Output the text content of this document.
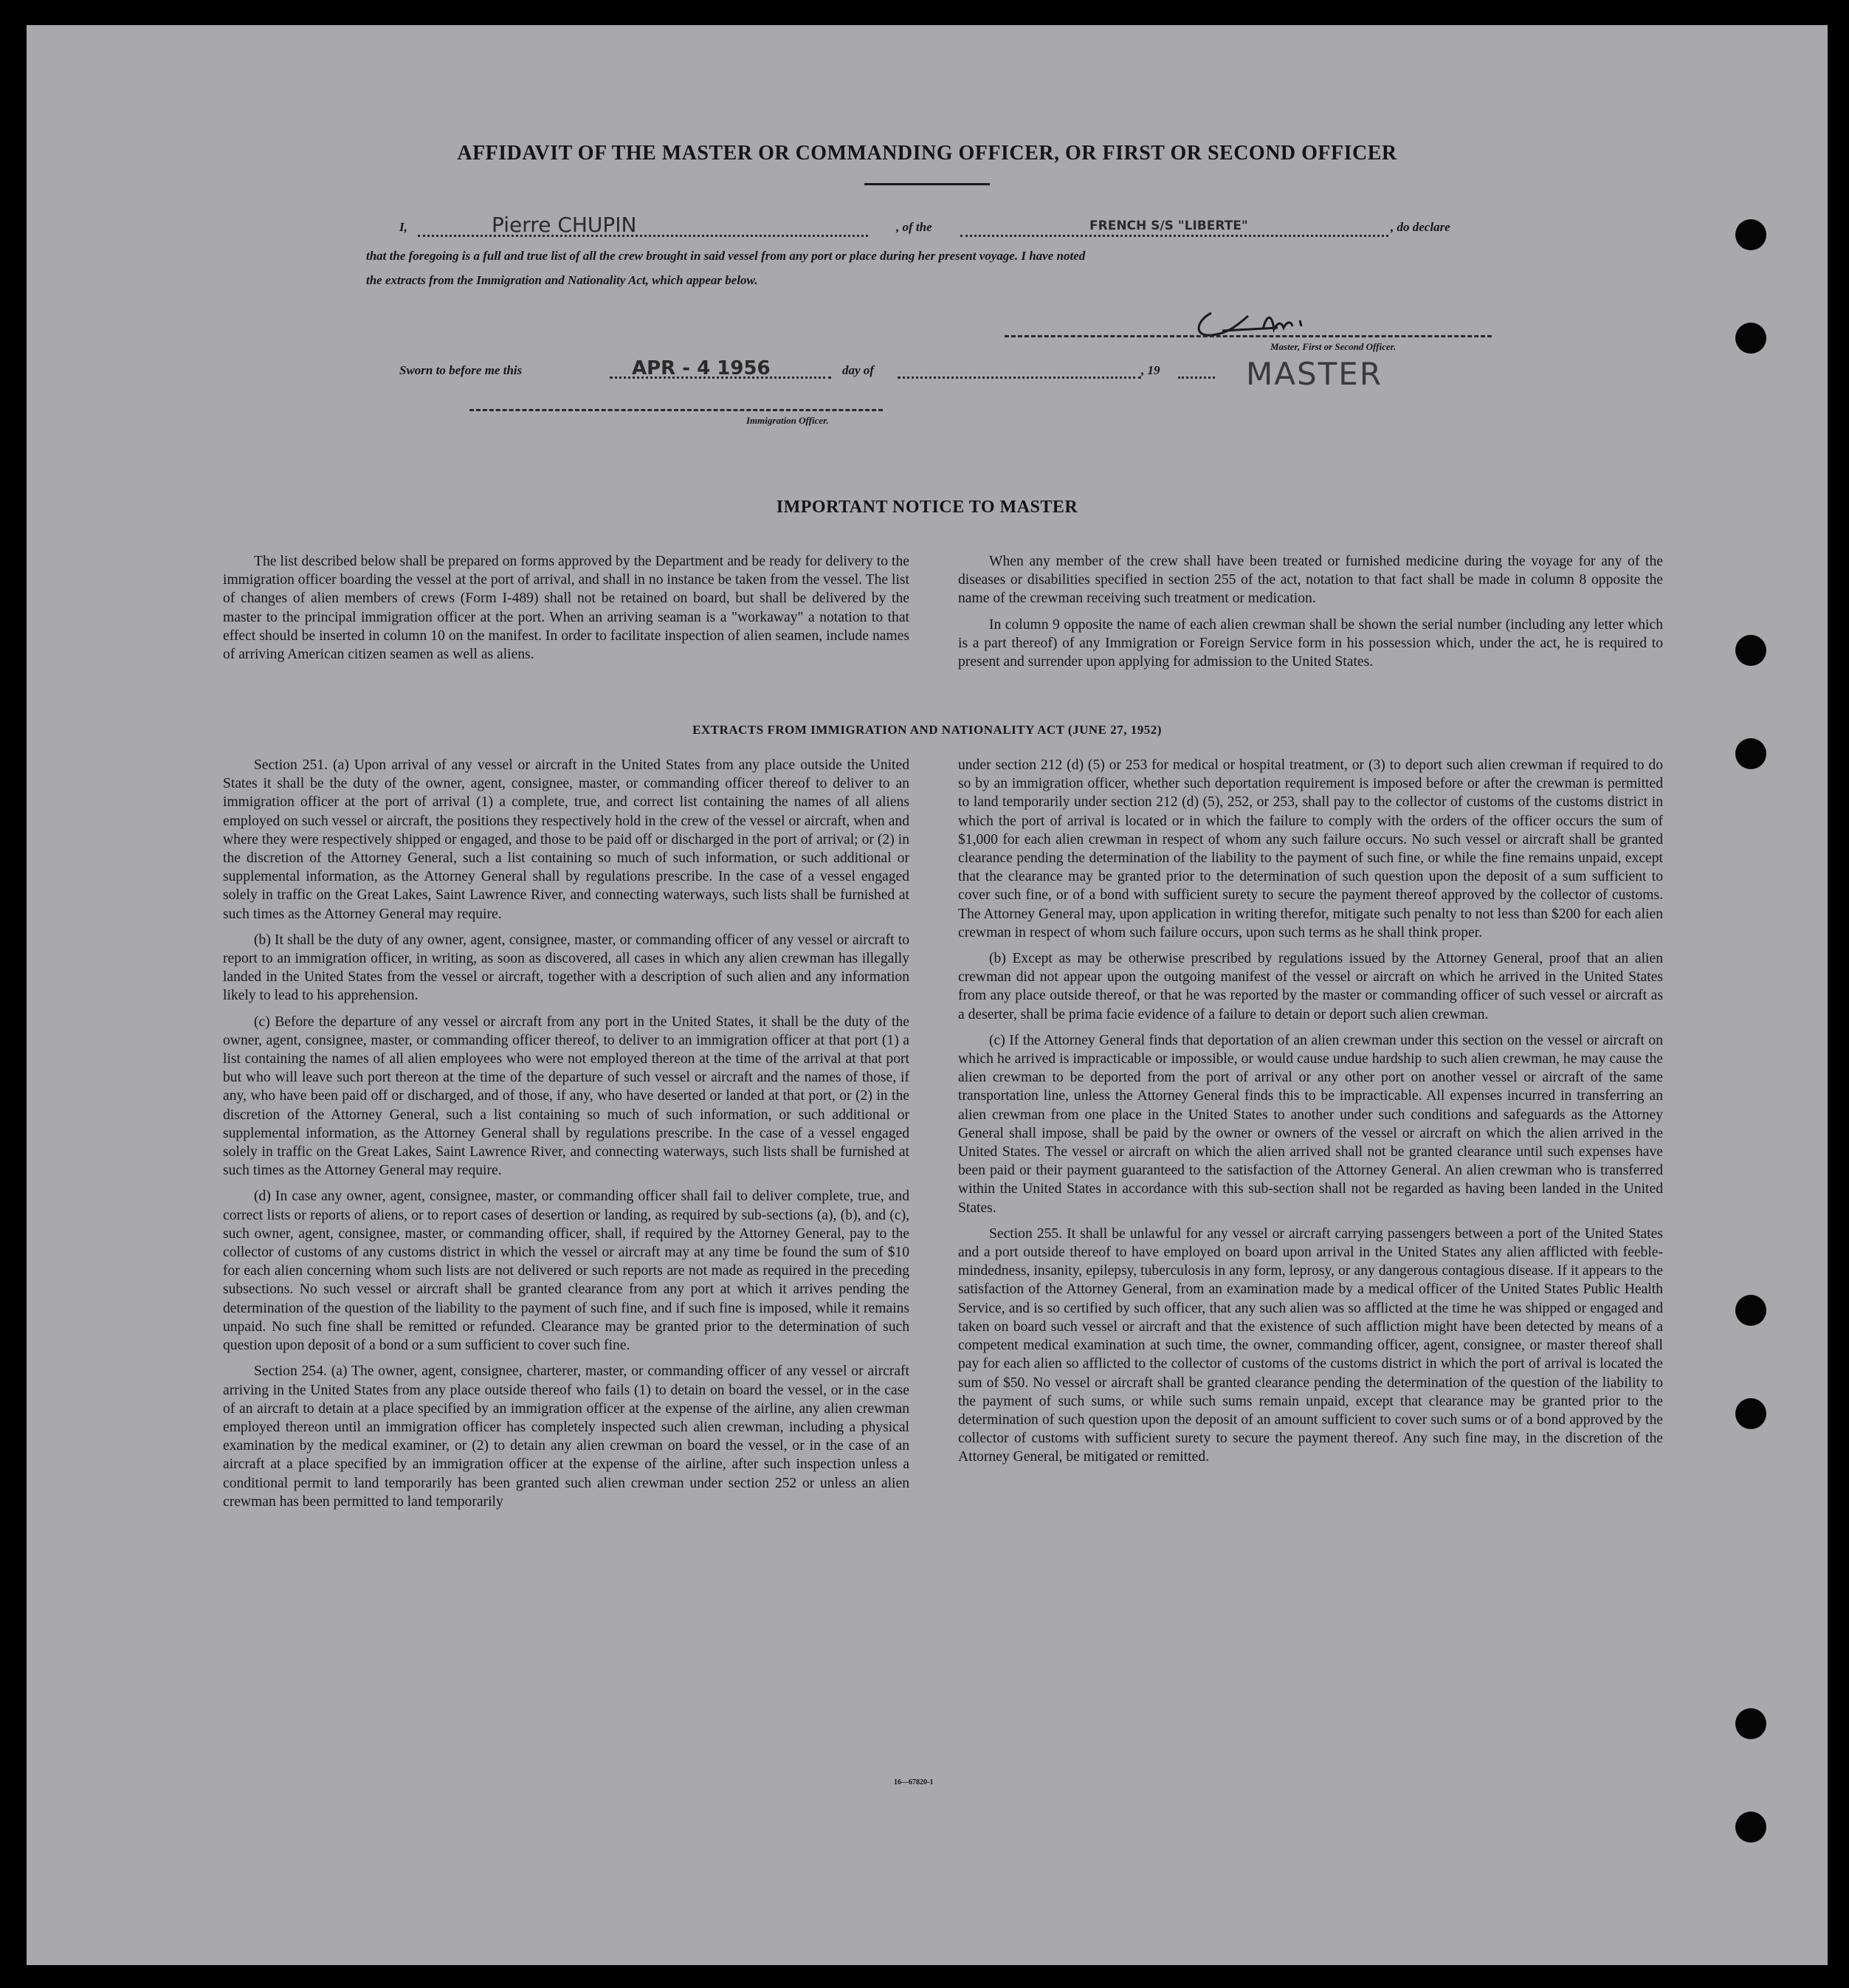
AFFIDAVIT OF THE MASTER OR COMMANDING OFFICER, OR FIRST OR SECOND OFFICER
I,	Pierre CHUPIN	, of the	FRENCH S/S "LIBERTE"	, do declare
that the foregoing is a full and true list of all the crew brought in said vessel from any port or place during her present voyage. I have noted
the extracts from the Immigration and Nationality Act, which appear below.
Master, First or Second Officer.
MASTER
Sworn to before me this	APR - 4 1956	day of	, 19
Immigration Officer.
IMPORTANT NOTICE TO MASTER

The list described below shall be prepared on forms approved by the Department and be ready for delivery to the immigration officer boarding the vessel at the port of arrival, and shall in no instance be taken from the vessel. The list of changes of alien members of crews (Form I-489) shall not be retained on board, but shall be delivered by the master to the principal immigration officer at the port. When an arriving seaman is a "workaway" a notation to that effect should be inserted in column 10 on the manifest. In order to facilitate inspection of alien seamen, include names of arriving American citizen seamen as well as aliens.

When any member of the crew shall have been treated or furnished medicine during the voyage for any of the diseases or disabilities specified in section 255 of the act, notation to that fact shall be made in column 8 opposite the name of the crewman receiving such treatment or medication.

In column 9 opposite the name of each alien crewman shall be shown the serial number (including any letter which is a part thereof) of any Immigration or Foreign Service form in his possession which, under the act, he is required to present and surrender upon applying for admission to the United States.

EXTRACTS FROM IMMIGRATION AND NATIONALITY ACT (JUNE 27, 1952)

Section 251. (a) Upon arrival of any vessel or aircraft in the United States from any place outside the United States it shall be the duty of the owner, agent, consignee, master, or commanding officer thereof to deliver to an immigration officer at the port of arrival (1) a complete, true, and correct list containing the names of all aliens employed on such vessel or aircraft, the positions they respectively hold in the crew of the vessel or aircraft, when and where they were respectively shipped or engaged, and those to be paid off or discharged in the port of arrival; or (2) in the discretion of the Attorney General, such a list containing so much of such information, or such additional or supplemental information, as the Attorney General shall by regulations prescribe. In the case of a vessel engaged solely in traffic on the Great Lakes, Saint Lawrence River, and connecting waterways, such lists shall be furnished at such times as the Attorney General may require.

(b) It shall be the duty of any owner, agent, consignee, master, or commanding officer of any vessel or aircraft to report to an immigration officer, in writing, as soon as discovered, all cases in which any alien crewman has illegally landed in the United States from the vessel or aircraft, together with a description of such alien and any information likely to lead to his apprehension.

(c) Before the departure of any vessel or aircraft from any port in the United States, it shall be the duty of the owner, agent, consignee, master, or commanding officer thereof, to deliver to an immigration officer at that port (1) a list containing the names of all alien employees who were not employed thereon at the time of the arrival at that port but who will leave such port thereon at the time of the departure of such vessel or aircraft and the names of those, if any, who have been paid off or discharged, and of those, if any, who have deserted or landed at that port, or (2) in the discretion of the Attorney General, such a list containing so much of such information, or such additional or supplemental information, as the Attorney General shall by regulations prescribe. In the case of a vessel engaged solely in traffic on the Great Lakes, Saint Lawrence River, and connecting waterways, such lists shall be furnished at such times as the Attorney General may require.

(d) In case any owner, agent, consignee, master, or commanding officer shall fail to deliver complete, true, and correct lists or reports of aliens, or to report cases of desertion or landing, as required by sub-sections (a), (b), and (c), such owner, agent, consignee, master, or commanding officer, shall, if required by the Attorney General, pay to the collector of customs of any customs district in which the vessel or aircraft may at any time be found the sum of $10 for each alien concerning whom such lists are not delivered or such reports are not made as required in the preceding subsections. No such vessel or aircraft shall be granted clearance from any port at which it arrives pending the determination of the question of the liability to the payment of such fine, and if such fine is imposed, while it remains unpaid. No such fine shall be remitted or refunded. Clearance may be granted prior to the determination of such question upon deposit of a bond or a sum sufficient to cover such fine.

Section 254. (a) The owner, agent, consignee, charterer, master, or commanding officer of any vessel or aircraft arriving in the United States from any place outside thereof who fails (1) to detain on board the vessel, or in the case of an aircraft to detain at a place specified by an immigration officer at the expense of the airline, any alien crewman employed thereon until an immigration officer has completely inspected such alien crewman, including a physical examination by the medical examiner, or (2) to detain any alien crewman on board the vessel, or in the case of an aircraft at a place specified by an immigration officer at the expense of the airline, after such inspection unless a conditional permit to land temporarily has been granted such alien crewman under section 252 or unless an alien crewman has been permitted to land temporarily

under section 212 (d) (5) or 253 for medical or hospital treatment, or (3) to deport such alien crewman if required to do so by an immigration officer, whether such deportation requirement is imposed before or after the crewman is permitted to land temporarily under section 212 (d) (5), 252, or 253, shall pay to the collector of customs of the customs district in which the port of arrival is located or in which the failure to comply with the orders of the officer occurs the sum of $1,000 for each alien crewman in respect of whom any such failure occurs. No such vessel or aircraft shall be granted clearance pending the determination of the liability to the payment of such fine, or while the fine remains unpaid, except that the clearance may be granted prior to the determination of such question upon the deposit of a sum sufficient to cover such fine, or of a bond with sufficient surety to secure the payment thereof approved by the collector of customs. The Attorney General may, upon application in writing therefor, mitigate such penalty to not less than $200 for each alien crewman in respect of whom such failure occurs, upon such terms as he shall think proper.

(b) Except as may be otherwise prescribed by regulations issued by the Attorney General, proof that an alien crewman did not appear upon the outgoing manifest of the vessel or aircraft on which he arrived in the United States from any place outside thereof, or that he was reported by the master or commanding officer of such vessel or aircraft as a deserter, shall be prima facie evidence of a failure to detain or deport such alien crewman.

(c) If the Attorney General finds that deportation of an alien crewman under this section on the vessel or aircraft on which he arrived is impracticable or impossible, or would cause undue hardship to such alien crewman, he may cause the alien crewman to be deported from the port of arrival or any other port on another vessel or aircraft of the same transportation line, unless the Attorney General finds this to be impracticable. All expenses incurred in transferring an alien crewman from one place in the United States to another under such conditions and safeguards as the Attorney General shall impose, shall be paid by the owner or owners of the vessel or aircraft on which the alien arrived in the United States. The vessel or aircraft on which the alien arrived shall not be granted clearance until such expenses have been paid or their payment guaranteed to the satisfaction of the Attorney General. An alien crewman who is transferred within the United States in accordance with this sub-section shall not be regarded as having been landed in the United States.

Section 255. It shall be unlawful for any vessel or aircraft carrying passengers between a port of the United States and a port outside thereof to have employed on board upon arrival in the United States any alien afflicted with feeble-mindedness, insanity, epilepsy, tuberculosis in any form, leprosy, or any dangerous contagious disease. If it appears to the satisfaction of the Attorney General, from an examination made by a medical officer of the United States Public Health Service, and is so certified by such officer, that any such alien was so afflicted at the time he was shipped or engaged and taken on board such vessel or aircraft and that the existence of such affliction might have been detected by means of a competent medical examination at such time, the owner, commanding officer, agent, consignee, or master thereof shall pay for each alien so afflicted to the collector of customs of the customs district in which the port of arrival is located the sum of $50. No vessel or aircraft shall be granted clearance pending the determination of the question of the liability to the payment of such sums, or while such sums remain unpaid, except that clearance may be granted prior to the determination of such question upon the deposit of an amount sufficient to cover such sums or of a bond approved by the collector of customs with sufficient surety to secure the payment thereof. Any such fine may, in the discretion of the Attorney General, be mitigated or remitted.

16—67820-1
